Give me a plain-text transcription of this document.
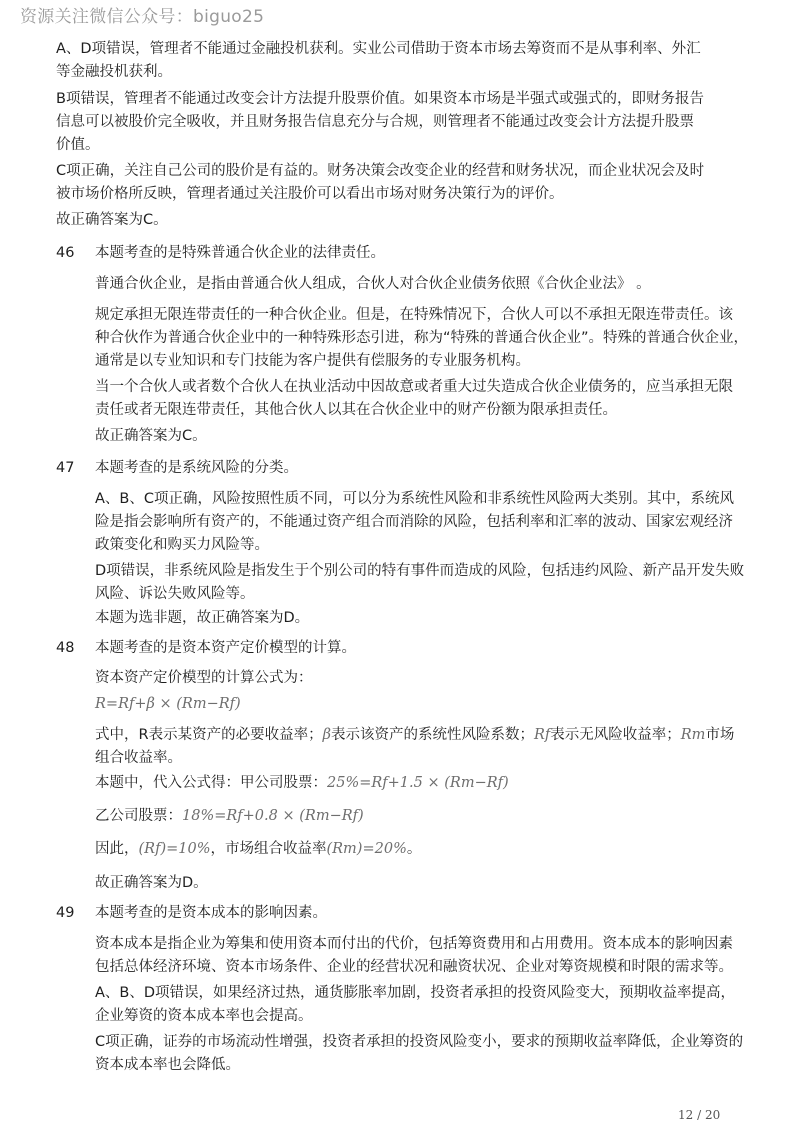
资源关注微信公众号：biguo25
A、D项错误，管理者不能通过金融投机获利。实业公司借助于资本市场去筹资而不是从事利率、外汇
等金融投机获利。
B项错误，管理者不能通过改变会计方法提升股票价值。如果资本市场是半强式或强式的，即财务报告
信息可以被股价完全吸收，并且财务报告信息充分与合规，则管理者不能通过改变会计方法提升股票
价值。
C项正确，关注自己公司的股价是有益的。财务决策会改变企业的经营和财务状况，而企业状况会及时
被市场价格所反映，管理者通过关注股价可以看出市场对财务决策行为的评价。
故正确答案为C。
46 本题考查的是特殊普通合伙企业的法律责任。
普通合伙企业，是指由普通合伙人组成，合伙人对合伙企业债务依照《合伙企业法》 。
规定承担无限连带责任的一种合伙企业。但是，在特殊情况下，合伙人可以不承担无限连带责任。该
种合伙作为普通合伙企业中的一种特殊形态引进，称为“特殊的普通合伙企业”。特殊的普通合伙企业，
通常是以专业知识和专门技能为客户提供有偿服务的专业服务机构。
当一个合伙人或者数个合伙人在执业活动中因故意或者重大过失造成合伙企业债务的，应当承担无限
责任或者无限连带责任，其他合伙人以其在合伙企业中的财产份额为限承担责任。
故正确答案为C。
47 本题考查的是系统风险的分类。
A、B、C项正确，风险按照性质不同，可以分为系统性风险和非系统性风险两大类别。其中，系统风
险是指会影响所有资产的，不能通过资产组合而消除的风险，包括利率和汇率的波动、国家宏观经济
政策变化和购买力风险等。
D项错误，非系统风险是指发生于个别公司的特有事件而造成的风险，包括违约风险、新产品开发失败
风险、诉讼失败风险等。
本题为选非题，故正确答案为D。
48 本题考查的是资本资产定价模型的计算。
资本资产定价模型的计算公式为：
R=Rf+β × (Rm−Rf)
式中，R表示某资产的必要收益率；β表示该资产的系统性风险系数；Rf表示无风险收益率；Rm市场
组合收益率。
本题中，代入公式得：甲公司股票：25%=Rf+1.5 × (Rm−Rf)
乙公司股票：18%=Rf+0.8 × (Rm−Rf)
因此，(Rf)=10%，市场组合收益率(Rm)=20%。
故正确答案为D。
49 本题考查的是资本成本的影响因素。
资本成本是指企业为筹集和使用资本而付出的代价，包括筹资费用和占用费用。资本成本的影响因素
包括总体经济环境、资本市场条件、企业的经营状况和融资状况、企业对筹资规模和时限的需求等。
A、B、D项错误，如果经济过热，通货膨胀率加剧，投资者承担的投资风险变大，预期收益率提高，
企业筹资的资本成本率也会提高。
C项正确，证券的市场流动性增强，投资者承担的投资风险变小，要求的预期收益率降低，企业筹资的
资本成本率也会降低。
12 / 20
